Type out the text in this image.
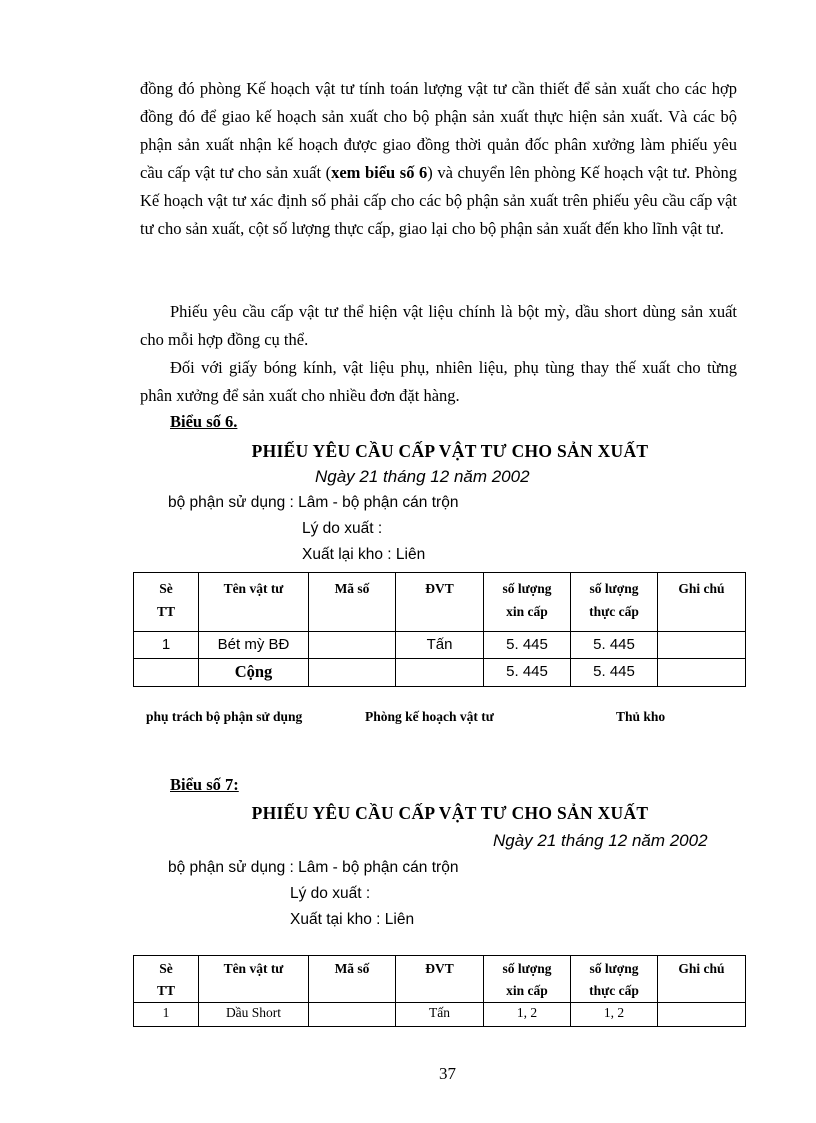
đồng đó phòng Kế hoạch vật tư tính toán lượng vật tư cần thiết để sản xuất cho các hợp đồng đó để giao kế hoạch sản xuất cho bộ phận sản xuất thực hiện sản xuất. Và các bộ phận sản xuất nhận kế hoạch được giao đồng thời quản đốc phân xưởng làm phiếu yêu cầu cấp vật tư cho sản xuất (xem biểu số 6) và chuyển lên phòng Kế hoạch vật tư. Phòng Kế hoạch vật tư xác định số phải cấp cho các bộ phận sản xuất trên phiếu yêu cầu cấp vật tư cho sản xuất, cột số lượng thực cấp, giao lại cho bộ phận sản xuất đến kho lĩnh vật tư.

Phiếu yêu cầu cấp vật tư thể hiện vật liệu chính là bột mỳ, dầu short dùng sản xuất cho mỗi hợp đồng cụ thể.

Đối với giấy bóng kính, vật liệu phụ, nhiên liệu, phụ tùng thay thế xuất cho từng phân xưởng để sản xuất cho nhiều đơn đặt hàng.

Biểu số 6.
PHIẾU YÊU CẦU CẤP VẬT TƯ CHO SẢN XUẤT
Ngày 21 tháng 12 năm 2002
bộ phận sử dụng : Lâm - bộ phận cán trộn
Lý do xuất :
Xuất lại kho : Liên
Sè TT	Tên vật tư	Mã số	ĐVT	số lượng xin cấp	số lượng thực cấp	Ghi chú
1	Bét mỳ BĐ		Tấn	5. 445	5. 445	
	Cộng			5. 445	5. 445	
phụ trách bộ phận sử dụng	Phòng kế hoạch vật tư	Thủ kho
Biểu số 7:
PHIẾU YÊU CẦU CẤP VẬT TƯ CHO SẢN XUẤT
Ngày 21 tháng 12 năm 2002
bộ phận sử dụng : Lâm - bộ phận cán trộn
Lý do xuất :
Xuất tại kho : Liên
Sè TT	Tên vật tư	Mã số	ĐVT	số lượng xin cấp	số lượng thực cấp	Ghi chú
1	Dầu Short		Tấn	1, 2	1, 2	
37
